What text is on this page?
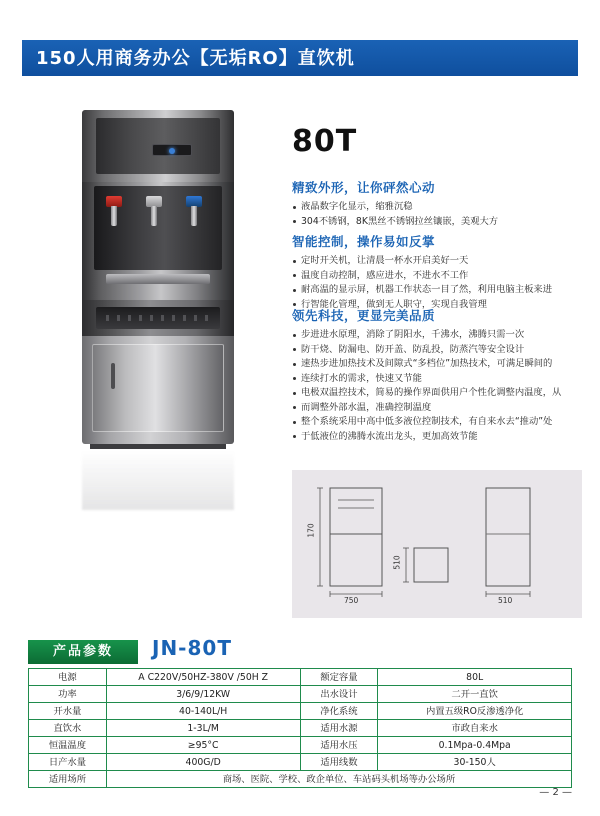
150人用商务办公【无垢RO】直饮机
80T
精致外形，让你砰然心动
液晶数字化显示，缩雅沉稳
304不锈钢，8K黑丝不锈钢拉丝镶嵌，美观大方
智能控制，操作易如反掌
定时开关机，让清晨一杯水开启美好一天
温度自动控制，感应进水，不进水不工作
耐高温的显示屏，机器工作状态一目了然，利用电脑主板来进
行智能化管理，做到无人职守，实现自我管理
领先科技，更显完美品质
步进进水原理，消除了阴阳水，千沸水，沸腾只需一次
防干烧、防漏电、防开盖、防乱投，防蒸汽等安全设计
速热步进加热技术及间隙式“多档位”加热技术，可满足瞬间的
连续打水的需求，快速又节能
电极双温控技术，简易的操作界面供用户个性化调整内温度，从
而调整外部水温，准确控制温度
整个系统采用中高中低多液位控制技术，有自来水去“推动”处
于低液位的沸腾水流出龙头，更加高效节能
170
750
510
510
产品参数	JN-80T
电源	A C220V/50HZ-380V /50H Z	额定容量	80L
功率	3/6/9/12KW	出水设计	二开一直饮
开水量	40-140L/H	净化系统	内置五级RO反渗透净化
直饮水	1-3L/M	适用水源	市政自来水
恒温温度	≥95°C	适用水压	0.1Mpa-0.4Mpa
日产水量	400G/D	适用线数	30-150人
适用场所	商场、医院、学校、政企单位、车站码头机场等办公场所		
— 2 —
